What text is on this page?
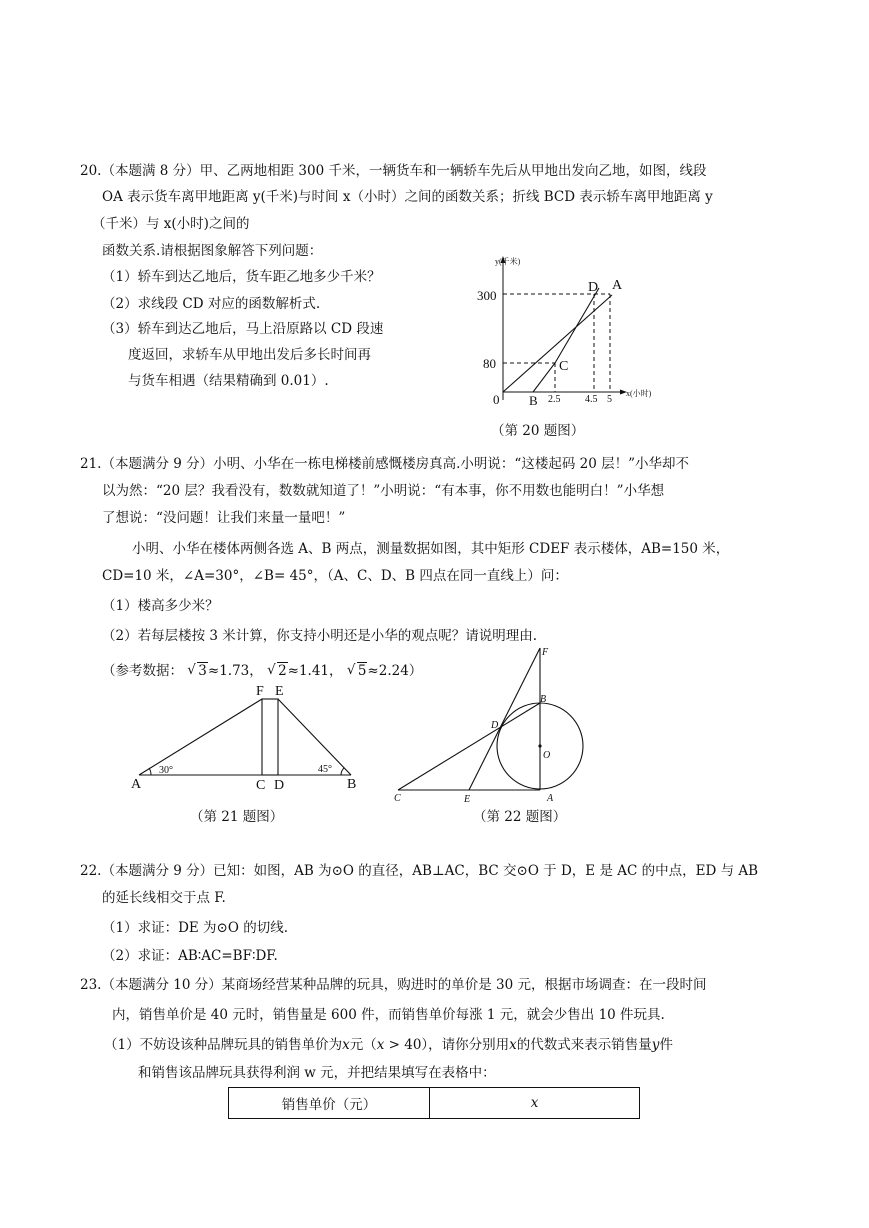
20.（本题满 8 分）甲、乙两地相距 300 千米，一辆货车和一辆轿车先后从甲地出发向乙地，如图，线段
OA 表示货车离甲地距离 y(千米)与时间 x（小时）之间的函数关系；折线 BCD 表示轿车离甲地距离 y
（千米）与 x(小时)之间的
函数关系.请根据图象解答下列问题：
（1）轿车到达乙地后，货车距乙地多少千米？
（2）求线段 CD 对应的函数解析式.
（3）轿车到达乙地后，马上沿原路以 CD 段速
度返回，求轿车从甲地出发后多长时间再
与货车相遇（结果精确到 0.01）.
y(千米)
x(小时)
300
80
0 B 2.5 4.5 5
D A
C
（第 20 题图）
21.（本题满分 9 分）小明、小华在一栋电梯楼前感慨楼房真高.小明说：“这楼起码 20 层！”小华却不
以为然：“20 层？我看没有，数数就知道了！”小明说：“有本事，你不用数也能明白！”小华想
了想说：“没问题！让我们来量一量吧！”
小明、小华在楼体两侧各选 A、B 两点，测量数据如图，其中矩形 CDEF 表示楼体，AB=150 米，
CD=10 米，∠A=30°，∠B= 45°，（A、C、D、B 四点在同一直线上）问：
（1）楼高多少米？
（2）若每层楼按 3 米计算，你支持小明还是小华的观点呢？请说明理由.
（参考数据： √ 3≈1.73， √ 2≈1.41， √ 5≈2.24）
A	B
C D
F E
30°	45°
（第 21 题图）
F
B
D
O
C	E	A
（第 22 题图）
22.（本题满分 9 分）已知：如图，AB 为⊙O 的直径，AB⊥AC，BC 交⊙O 于 D，E 是 AC 的中点，ED 与 AB
的延长线相交于点 F.
（1）求证：DE 为⊙O 的切线.
（2）求证：AB∶AC=BF∶DF.
23.（本题满分 10 分）某商场经营某种品牌的玩具，购进时的单价是 30 元，根据市场调查：在一段时间
内，销售单价是 40 元时，销售量是 600 件，而销售单价每涨 1 元，就会少售出 10 件玩具.
（1）不妨设该种品牌玩具的销售单价为x元（x > 40），请你分别用x的代数式来表示销售量y件
和销售该品牌玩具获得利润 w 元，并把结果填写在表格中：
销售单价（元）	x
